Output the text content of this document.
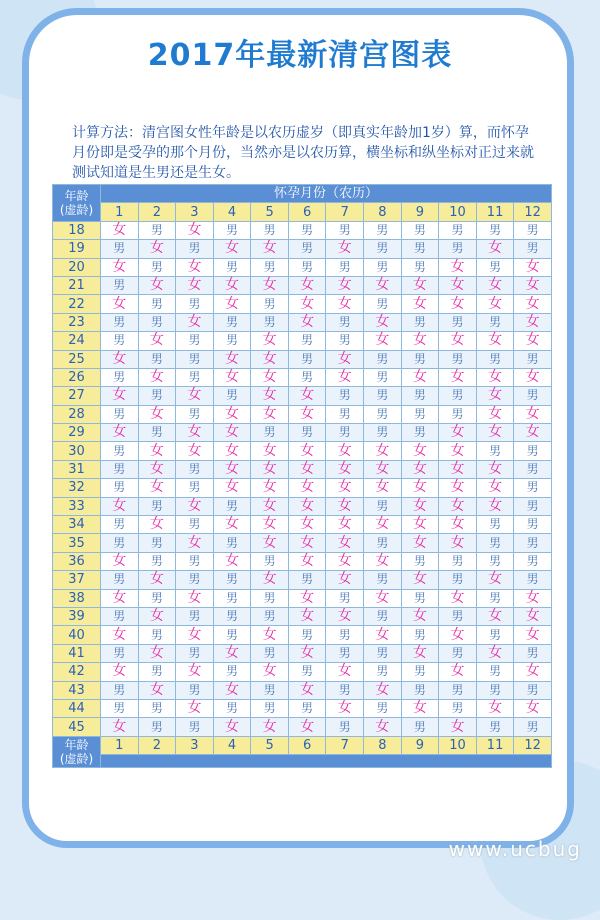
2017年最新清宫图表
计算方法：清宫图女性年龄是以农历虚岁（即真实年龄加1岁）算，而怀孕月份即是受孕的那个月份，当然亦是以农历算，横坐标和纵坐标对正过来就测试知道是生男还是生女。
年龄
(虚龄)	怀孕月份（农历）											
	1	2	3	4	5	6	7	8	9	10	11	12
18	女	男	女	男	男	男	男	男	男	男	男	男
19	男	女	男	女	女	男	女	男	男	男	女	男
20	女	男	女	男	男	男	男	男	男	女	男	女
21	男	女	女	女	女	女	女	女	女	女	女	女
22	女	男	男	女	男	女	女	男	女	女	女	女
23	男	男	女	男	男	女	男	女	男	男	男	女
24	男	女	男	男	女	男	男	女	女	女	女	女
25	女	男	男	女	女	男	女	男	男	男	男	男
26	男	女	男	女	女	男	女	男	女	女	女	女
27	女	男	女	男	女	女	男	男	男	男	女	男
28	男	女	男	女	女	女	男	男	男	男	女	女
29	女	男	女	女	男	男	男	男	男	女	女	女
30	男	女	女	女	女	女	女	女	女	女	男	男
31	男	女	男	女	女	女	女	女	女	女	女	男
32	男	女	男	女	女	女	女	女	女	女	女	男
33	女	男	女	男	女	女	女	男	女	女	女	男
34	男	女	男	女	女	女	女	女	女	女	男	男
35	男	男	女	男	女	女	女	男	女	女	男	男
36	女	男	男	女	男	女	女	女	男	男	男	男
37	男	女	男	男	女	男	女	男	女	男	女	男
38	女	男	女	男	男	女	男	女	男	女	男	女
39	男	女	男	男	男	女	女	男	女	男	女	女
40	女	男	女	男	女	男	男	女	男	女	男	女
41	男	女	男	女	男	女	男	男	女	男	女	男
42	女	男	女	男	女	男	女	男	男	女	男	女
43	男	女	男	女	男	女	男	女	男	男	男	男
44	男	男	女	男	男	男	女	男	女	男	女	女
45	女	男	男	女	女	女	男	女	男	女	男	男
年龄
(虚龄)	1	2	3	4	5	6	7	8	9	10	11	12

www.ucbug
